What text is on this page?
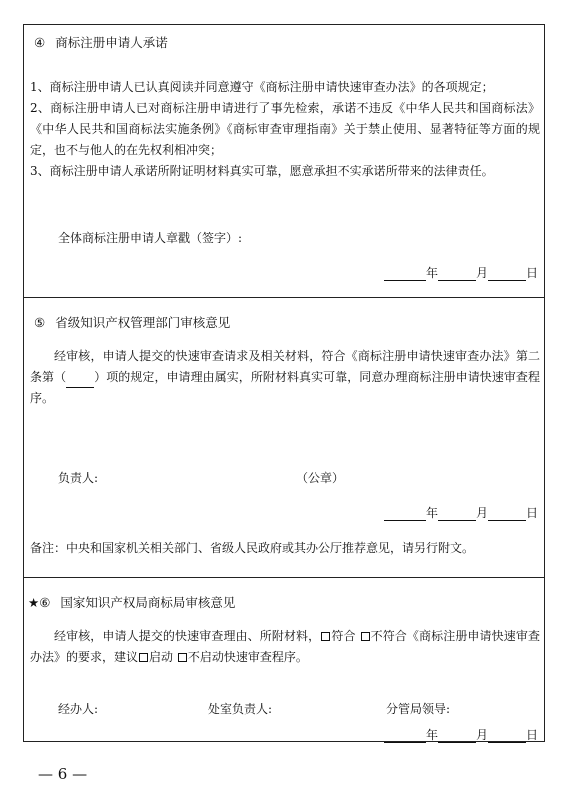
④ 商标注册申请人承诺

1、商标注册申请人已认真阅读并同意遵守《商标注册申请快速审查办法》的各项规定；

2、商标注册申请人已对商标注册申请进行了事先检索，承诺不违反《中华人民共和国商标法》《中华人民共和国商标法实施条例》《商标审查审理指南》关于禁止使用、显著特征等方面的规定，也不与他人的在先权利相冲突；

3、商标注册申请人承诺所附证明材料真实可靠，愿意承担不实承诺所带来的法律责任。

全体商标注册申请人章戳（签字）:
年	月	日
⑤ 省级知识产权管理部门审核意见
经审核，申请人提交的快速审查请求及相关材料，符合《商标注册申请快速审查办法》第二条第（ ）项的规定，申请理由属实，所附材料真实可靠，同意办理商标注册申请快速审查程序。
负责人:	（公章）
年	月	日
备注：中央和国家机关相关部门、省级人民政府或其办公厅推荐意见，请另行附文。
★⑥ 国家知识产权局商标局审核意见
经审核，申请人提交的快速审查理由、所附材料， 符合 不符合《商标注册申请快速审查办法》的要求，建议 启动 不启动快速审查程序。
经办人:	处室负责人:	分管局领导:
年	月	日
— 6 —
